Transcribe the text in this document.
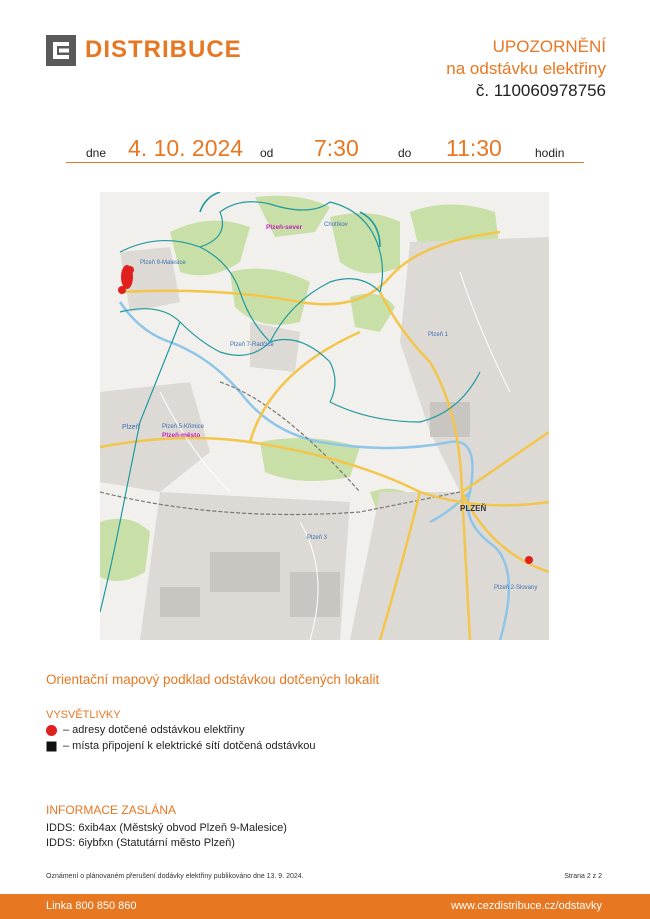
DISTRIBUCE	UPOZORNĚNÍ
na odstávku elektřiny
č. 110060978756
dne 4. 10. 2024 od 7:30	do 11:30	hodin
Plzeň-sever	Chotíkov
Plzeň 9-Malesice
Plzeň 7-Radčice
Plzeň 5-Křimice
Plzeň
Plzeň-město
Plzeň 1
Plzeň 3
Plzeň 2-Slovany
PLZEŇ
Orientační mapový podklad odstávkou dotčených lokalit
VYSVĚTLIVKY
– adresy dotčené odstávkou elektřiny
– místa připojení k elektrické sítí dotčená odstávkou
INFORMACE ZASLÁNA
IDDS: 6xib4ax (Městský obvod Plzeň 9-Malesice)
IDDS: 6iybfxn (Statutární město Plzeň)
Oznámení o plánovaném přerušení dodávky elektřiny publikováno dne 13. 9. 2024.	Strana 2 z 2
Linka 800 850 860	www.cezdistribuce.cz/odstavky
